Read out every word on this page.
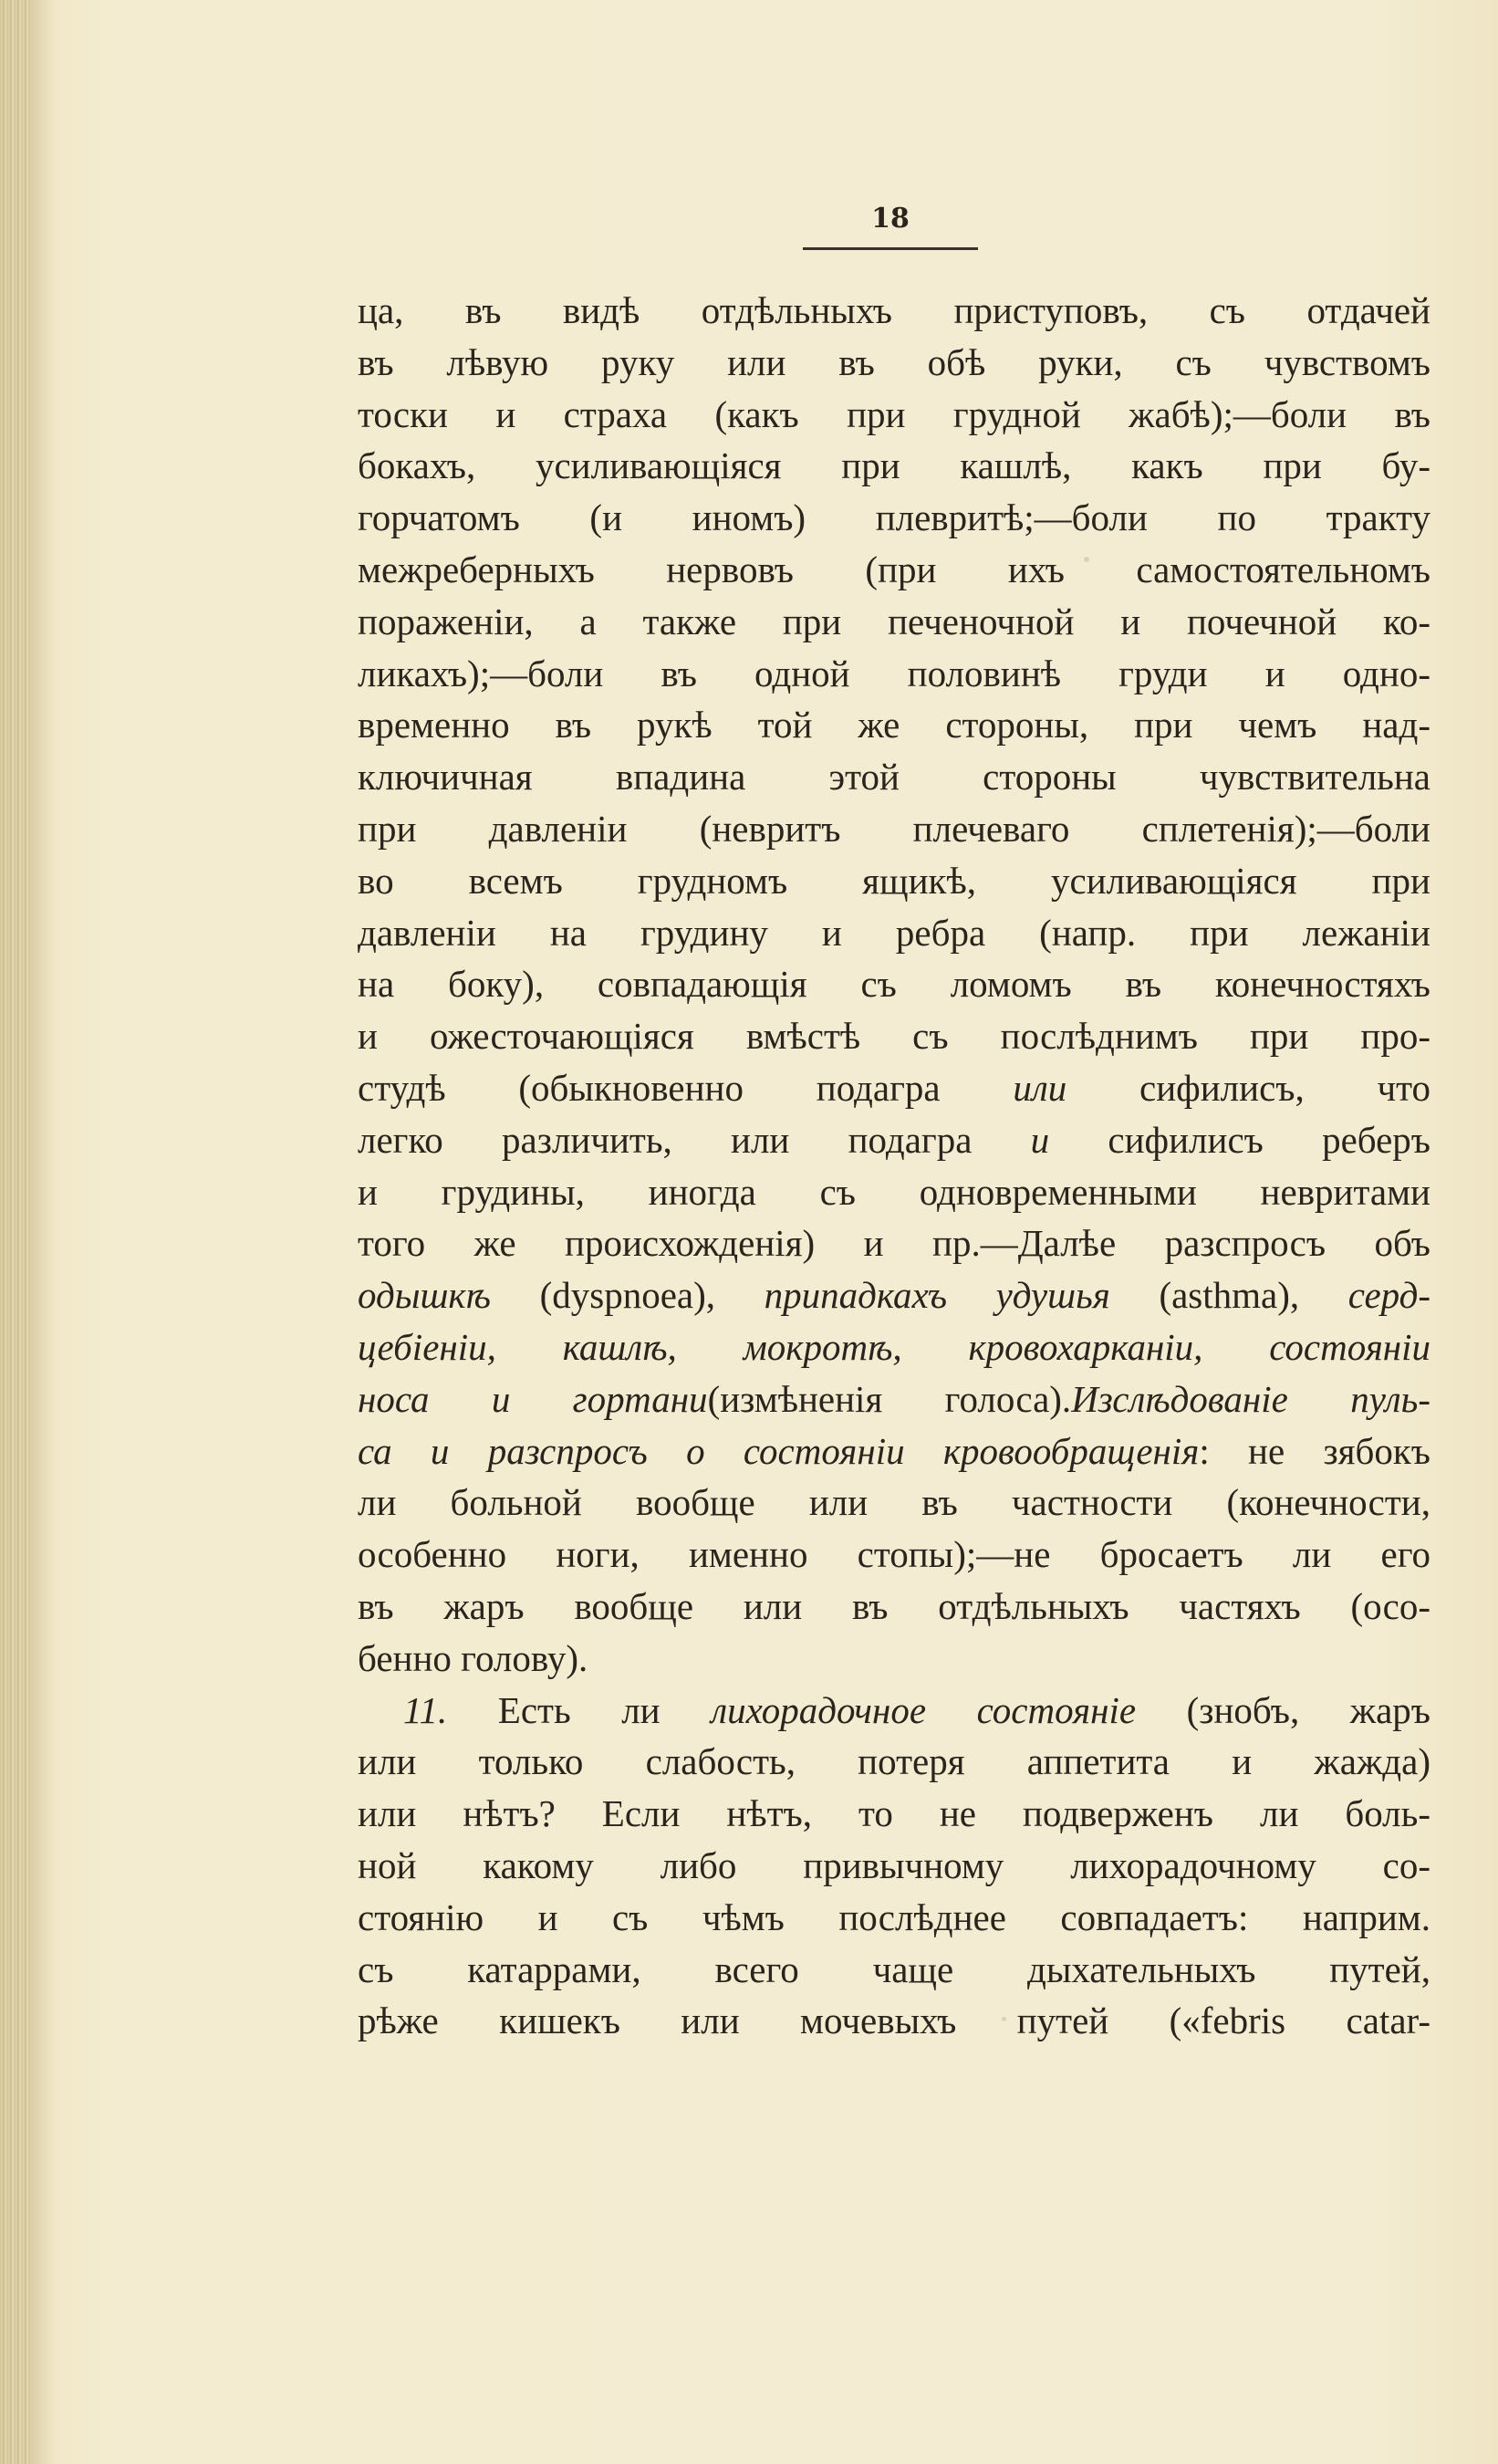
18
ца, въ видѣ отдѣльныхъ приступовъ, съ отдачей
въ лѣвую руку или въ обѣ руки, съ чувствомъ
тоски и страха (какъ при грудной жабѣ);—боли въ
бокахъ, усиливающіяся при кашлѣ, какъ при бу-
горчатомъ (и иномъ) плевритѣ;—боли по тракту
межреберныхъ нервовъ (при ихъ самостоятельномъ
пораженіи, а также при печеночной и почечной ко-
ликахъ);—боли въ одной половинѣ груди и одно-
временно въ рукѣ той же стороны, при чемъ над-
ключичная впадина этой стороны чувствительна
при давленіи (невритъ плечеваго сплетенія);—боли
во всемъ грудномъ ящикѣ, усиливающіяся при
давленіи на грудину и ребра (напр. при лежаніи
на боку), совпадающія съ ломомъ въ конечностяхъ
и ожесточающіяся вмѣстѣ съ послѣднимъ при про-
студѣ (обыкновенно подагра или сифилисъ, что
легко различить, или подагра и сифилисъ реберъ
и грудины, иногда съ одновременными невритами
того же происхожденія) и пр.—Далѣе разспросъ объ
одышкѣ (dyspnoea), припадкахъ удушья (asthma), серд-
цебіеніи, кашлѣ, мокротѣ, кровохарканіи, состояніи
носа и гортани(измѣненія голоса).Изслѣдованіе пуль-
са и разспросъ о состояніи кровообращенія: не зябокъ
ли больной вообще или въ частности (конечности,
особенно ноги, именно стопы);—не бросаетъ ли его
въ жаръ вообще или въ отдѣльныхъ частяхъ (осо-
бенно голову).
11. Есть ли лихорадочное состояніе (знобъ, жаръ
или только слабость, потеря аппетита и жажда)
или нѣтъ? Если нѣтъ, то не подверженъ ли боль-
ной какому либо привычному лихорадочному со-
стоянію и съ чѣмъ послѣднее совпадаетъ: наприм.
съ катаррами, всего чаще дыхательныхъ путей,
рѣже кишекъ или мочевыхъ путей («febris catar-
